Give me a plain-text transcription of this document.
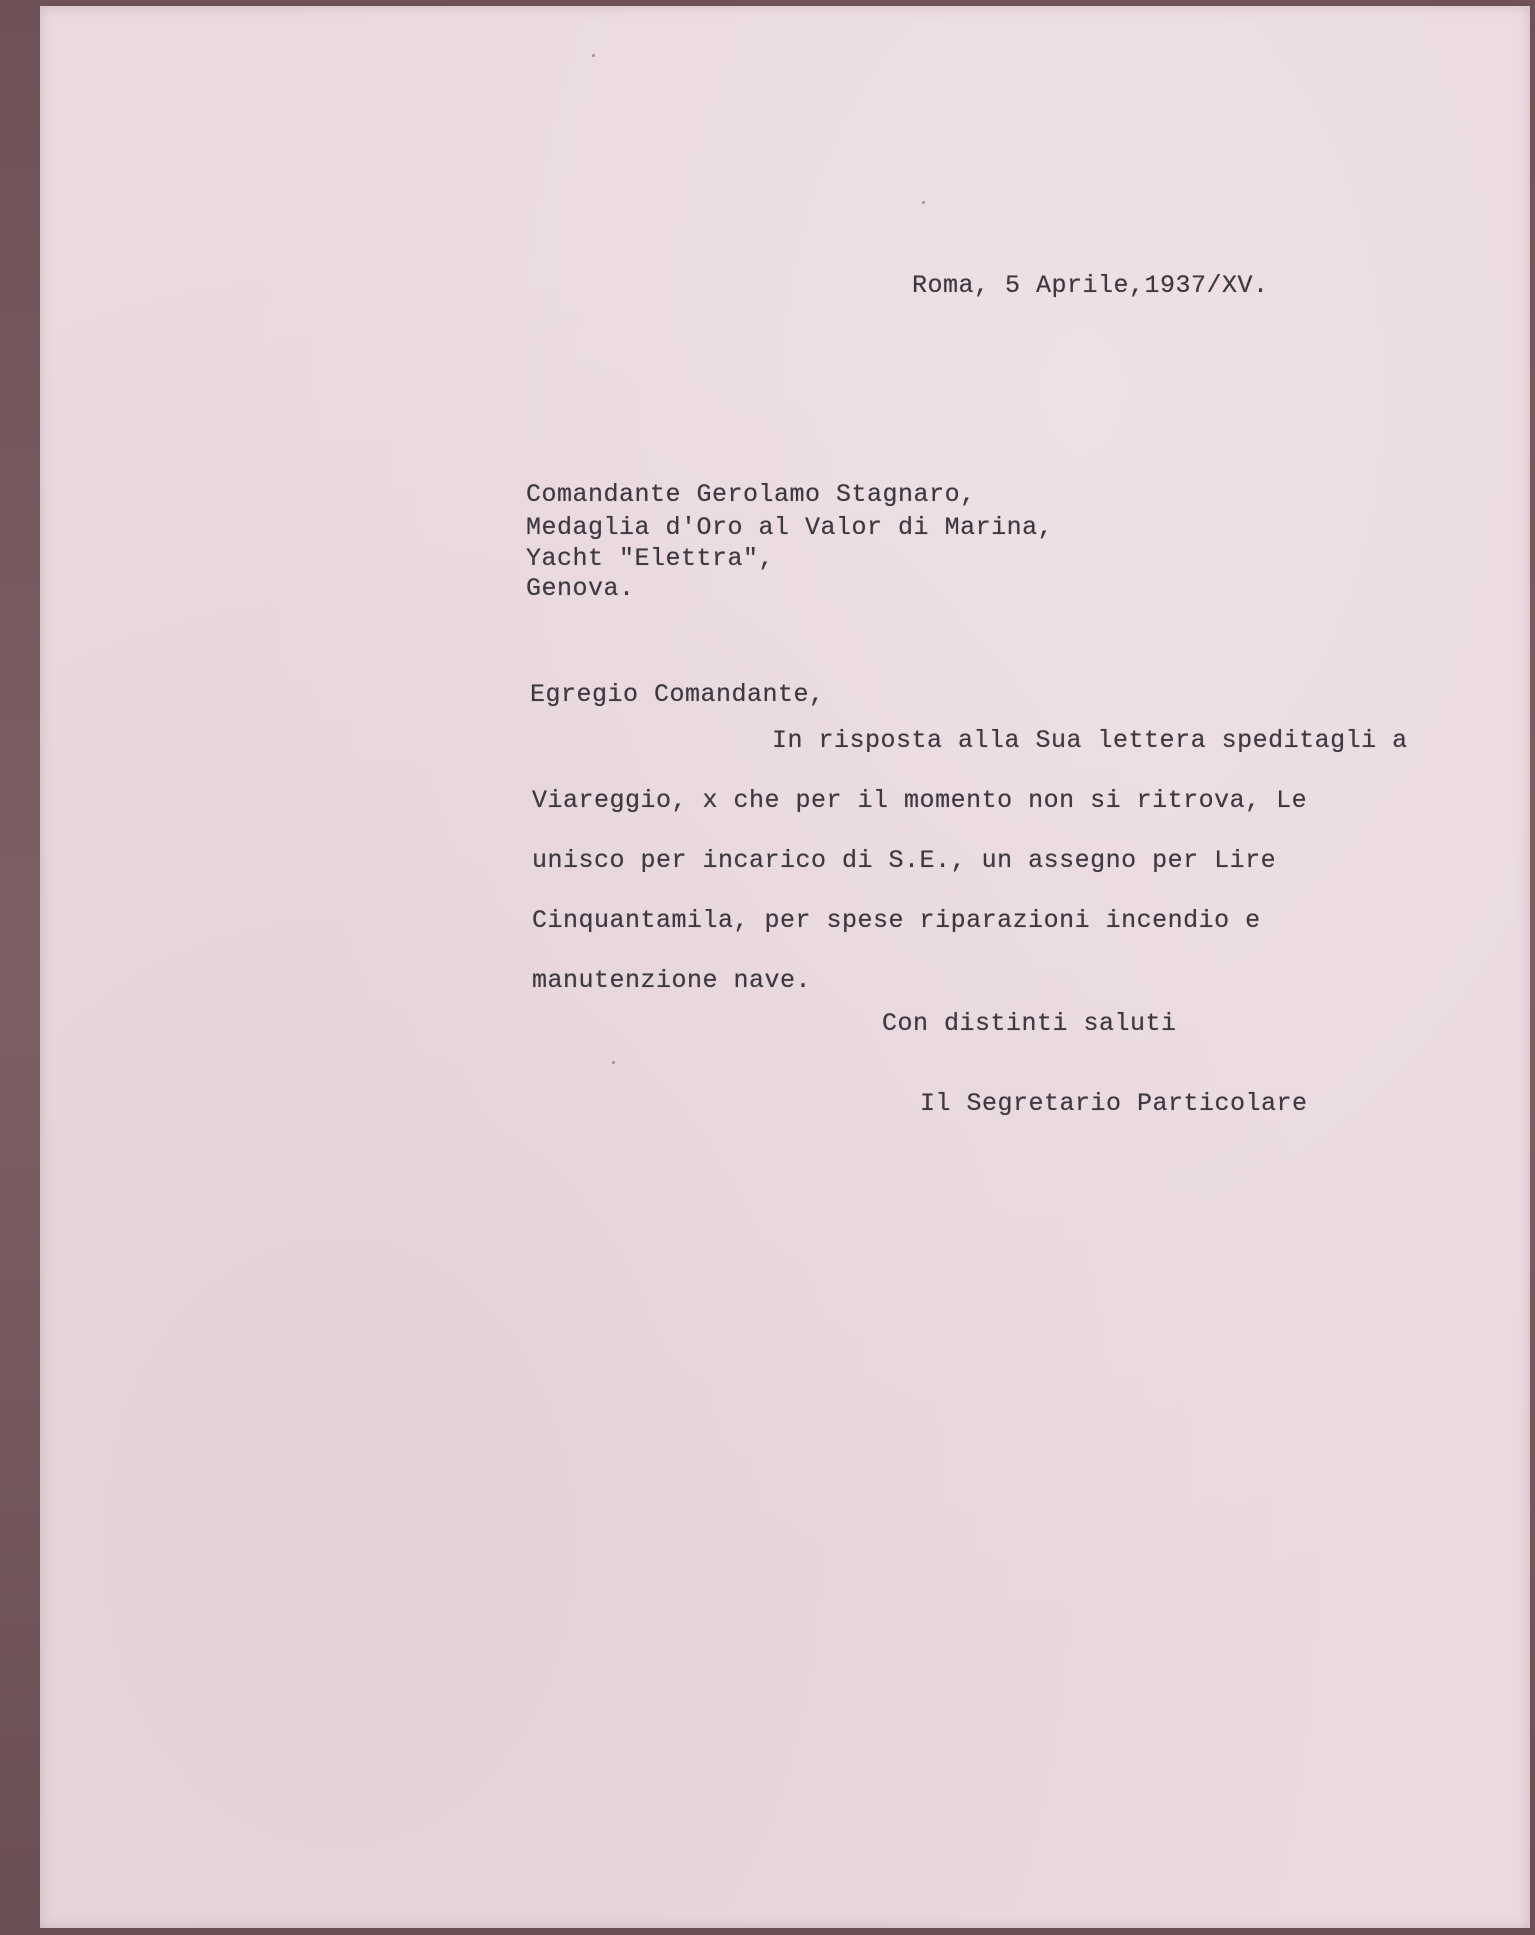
Roma, 5 Aprile,1937/XV.
Comandante Gerolamo Stagnaro,
Medaglia d'Oro al Valor di Marina,
Yacht "Elettra",
Genova.
Egregio Comandante,
In risposta alla Sua lettera speditagli a
Viareggio, x che per il momento non si ritrova, Le
unisco per incarico di S.E., un assegno per Lire
Cinquantamila, per spese riparazioni incendio e
manutenzione nave.
Con distinti saluti
Il Segretario Particolare
